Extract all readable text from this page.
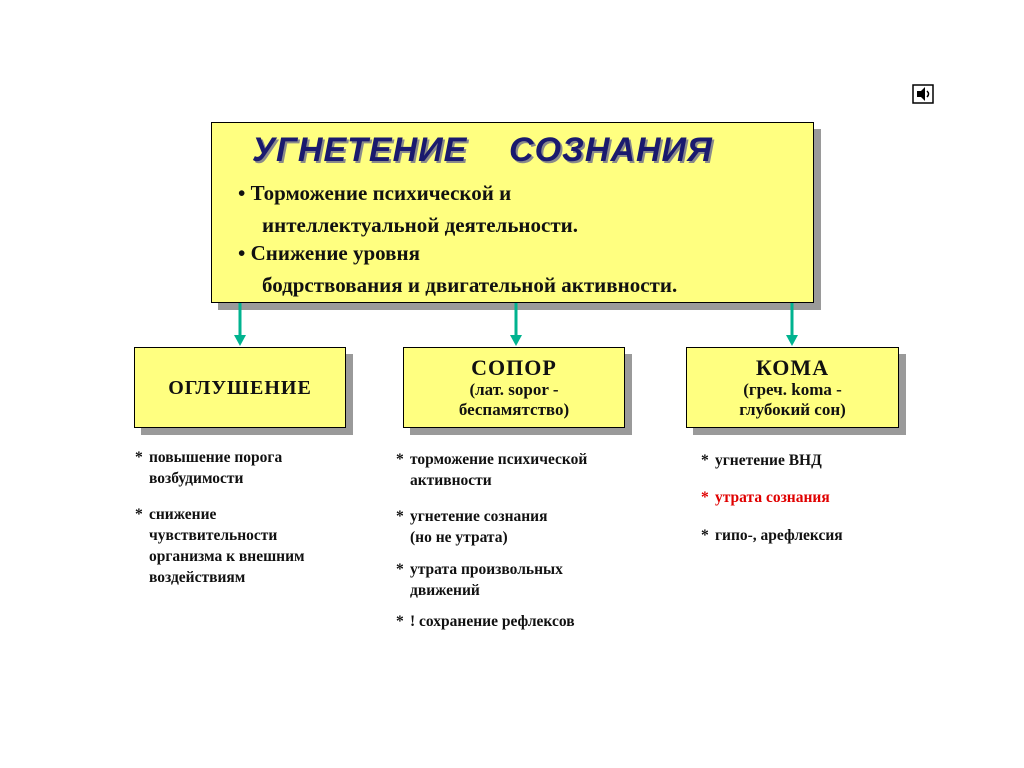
УГНЕТЕНИЕ    СОЗНАНИЯ
• Торможение психической и
интеллектуальной деятельности.
• Снижение уровня
бодрствования и двигательной активности.
ОГЛУШЕНИЕ
СОПОР
(лат. sopor -
беспамятство)
КОМА
(греч. koma -
глубокий сон)
* повышение порога
возбудимости
* снижение
чувствительности
организма к внешним
воздействиям
* торможение психической
активности
* угнетение сознания
(но не утрата)
* утрата произвольных
движений
* ! сохранение рефлексов
* угнетение ВНД
* утрата сознания
* гипо-, арефлексия
